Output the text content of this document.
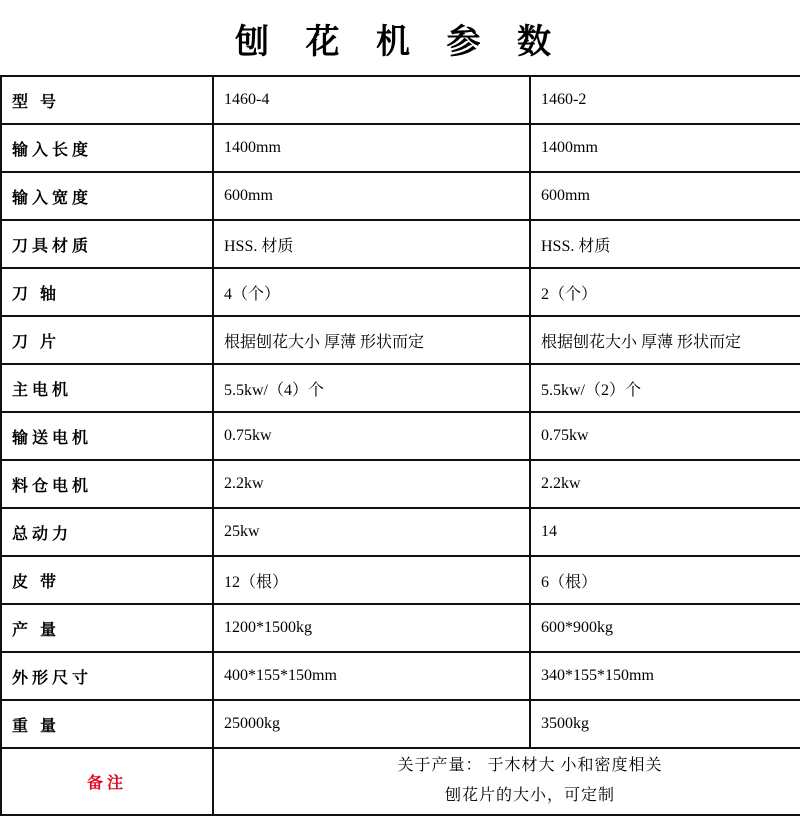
刨 花 机 参 数
型 号	1460-4	1460-2
输入长度	1400mm	1400mm
输入宽度	600mm	600mm
刀具材质	HSS. 材质	HSS. 材质
刀 轴	4（个）	2（个）
刀 片	根据刨花大小 厚薄 形状而定	根据刨花大小 厚薄 形状而定
主电机	5.5kw/（4）个	5.5kw/（2）个
输送电机	0.75kw	0.75kw
料仓电机	2.2kw	2.2kw
总动力	25kw	14
皮 带	12（根）	6（根）
产 量	1200*1500kg	600*900kg
外形尺寸	400*155*150mm	340*155*150mm
重 量	25000kg	3500kg
备注	关于产量： 于木材大 小和密度相关
刨花片的大小，可定制	
